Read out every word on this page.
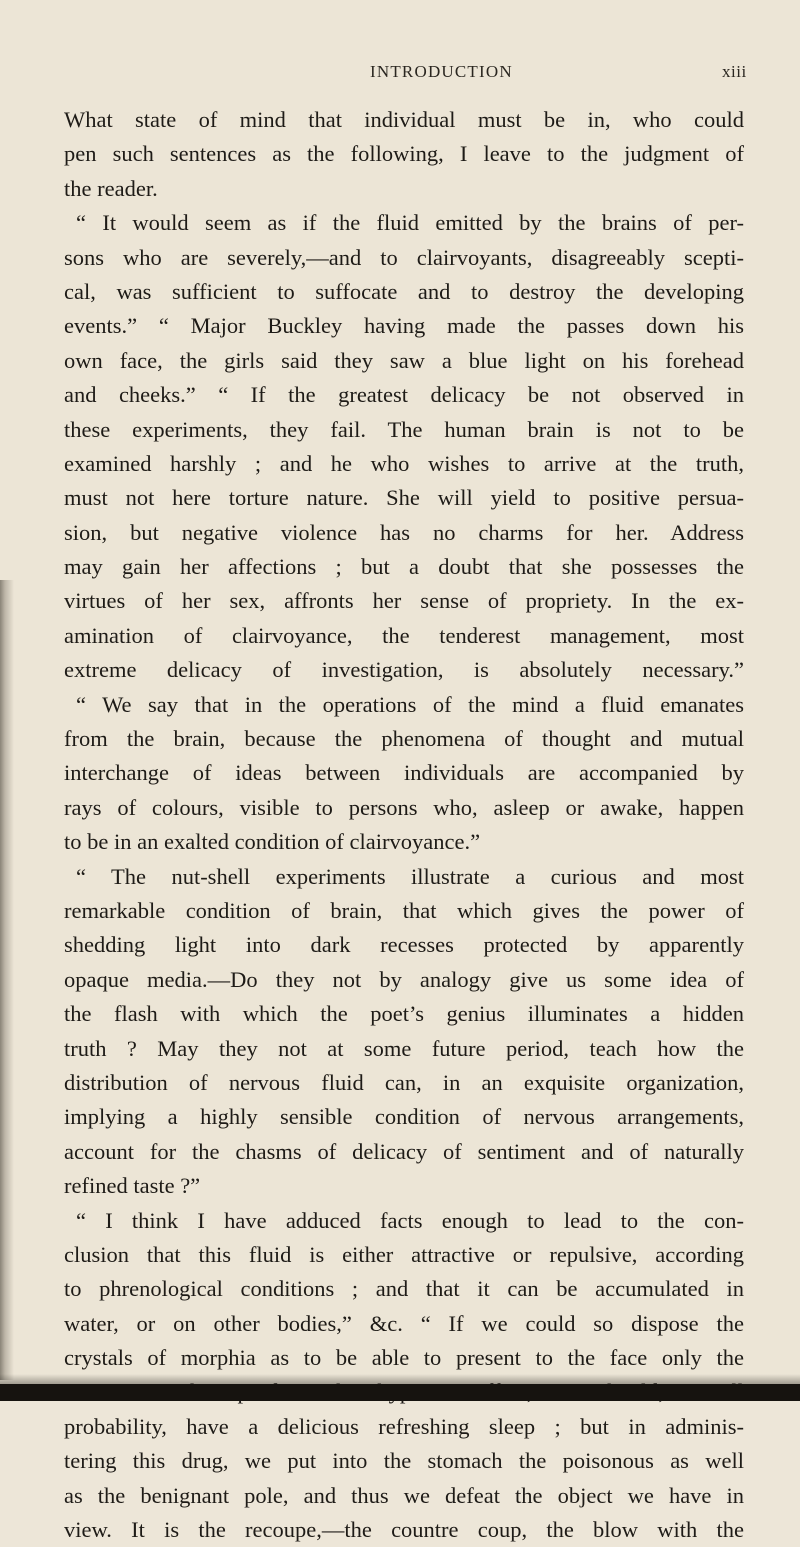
INTRODUCTION	xiii
What state of mind that individual must be in, who could
pen such sentences as the following, I leave to the judgment of
the reader.
“ It would seem as if the fluid emitted by the brains of per-
sons who are severely,—and to clairvoyants, disagreeably scepti-
cal, was sufficient to suffocate and to destroy the developing
events.” “ Major Buckley having made the passes down his
own face, the girls said they saw a blue light on his forehead
and cheeks.” “ If the greatest delicacy be not observed in
these experiments, they fail. The human brain is not to be
examined harshly ; and he who wishes to arrive at the truth,
must not here torture nature. She will yield to positive persua-
sion, but negative violence has no charms for her. Address
may gain her affections ; but a doubt that she possesses the
virtues of her sex, affronts her sense of propriety. In the ex-
amination of clairvoyance, the tenderest management, most
extreme delicacy of investigation, is absolutely necessary.”
“ We say that in the operations of the mind a fluid emanates
from the brain, because the phenomena of thought and mutual
interchange of ideas between individuals are accompanied by
rays of colours, visible to persons who, asleep or awake, happen
to be in an exalted condition of clairvoyance.”
“ The nut-shell experiments illustrate a curious and most
remarkable condition of brain, that which gives the power of
shedding light into dark recesses protected by apparently
opaque media.—Do they not by analogy give us some idea of
the flash with which the poet’s genius illuminates a hidden
truth ? May they not at some future period, teach how the
distribution of nervous fluid can, in an exquisite organization,
implying a highly sensible condition of nervous arrangements,
account for the chasms of delicacy of sentiment and of naturally
refined taste ?”
“ I think I have adduced facts enough to lead to the con-
clusion that this fluid is either attractive or repulsive, according
to phrenological conditions ; and that it can be accumulated in
water, or on other bodies,” &c. “ If we could so dispose the
crystals of morphia as to be able to present to the face only the
probability, have a delicious refreshing sleep ; but in adminis-
tering this drug, we put into the stomach the poisonous as well
as the benignant pole, and thus we defeat the object we have in
view. It is the recoupe,—the countre coup, the blow with the
